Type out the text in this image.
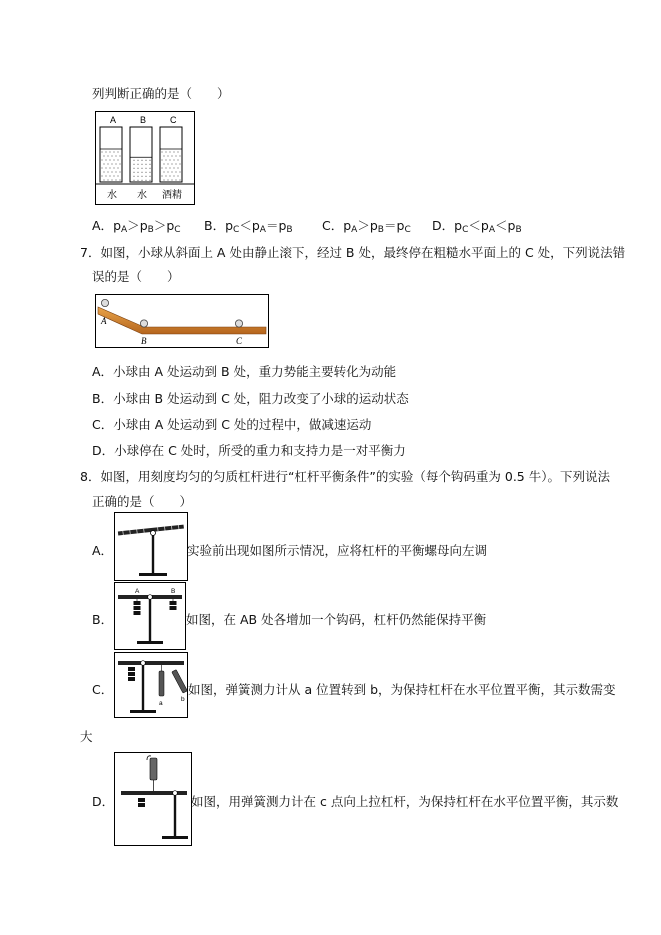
列判断正确的是（　　）
A	B	C
水 水 酒精
A．$p_A>p_B>p_C$ B．$p_C<p_A=p_B$ C．$p_A>p_B=p_C$ D．$p_C<p_A<p_B$
7．如图，小球从斜面上 A 处由静止滚下，经过 B 处，最终停在粗糙水平面上的 C 处，下列说法错
误的是（　　）
A
B	C
A．小球由 A 处运动到 B 处，重力势能主要转化为动能
B．小球由 B 处运动到 C 处，阻力改变了小球的运动状态
C．小球由 A 处运动到 C 处的过程中，做减速运动
D．小球停在 C 处时，所受的重力和支持力是一对平衡力
8．如图，用刻度均匀的匀质杠杆进行“杠杆平衡条件”的实验（每个钩码重为 0.5 牛）。下列说法
正确的是（　　）
A．	实验前出现如图所示情况，应将杠杆的平衡螺母向左调
B．
A	B
如图，在 AB 处各增加一个钩码，杠杆仍然能保持平衡
C．
a
b
如图，弹簧测力计从 a 位置转到 b，为保持杠杆在水平位置平衡，其示数需变
大
D．	如图，用弹簧测力计在 c 点向上拉杠杆，为保持杠杆在水平位置平衡，其示数
